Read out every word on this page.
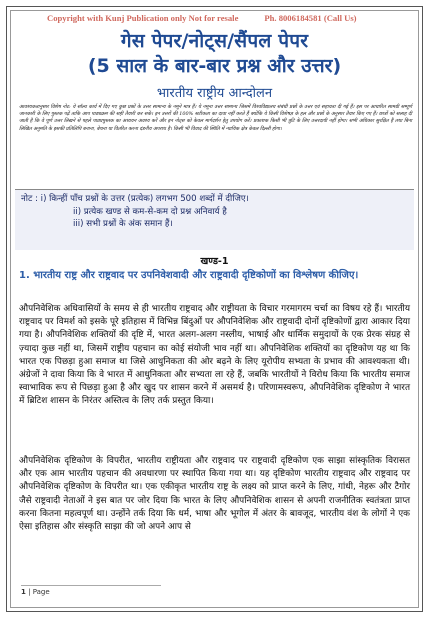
Copyright with Kunj Publication only Not for resale	Ph. 8006184581 (Call Us)
गेस पेपर/नोट्स/सैंपल पेपर
(5 साल के बार-बार प्रश्न और उत्तर)
भारतीय राष्ट्रीय आन्दोलन
आवश्यकतानुसार विशेष नोट: ये सॉल्व कार्य में दिए गए कुछ प्रश्नों के उत्तर सामान्य के नमूने मात्र हैं। ये नमूना उत्तर सामान्य जिसमें विश्वविद्यालय संबंधी प्रश्नों के उत्तर एवं सहायता दी गई हैं। इस पर आधारित सामग्री सम्पूर्ण जानकारी के लिए पुस्तक पढ़ें ताकि आप पाठ्यक्रम की सही तैयारी कर सकें। इन उत्तरों की 100% सटीकता का दावा नहीं करते हैं क्योंकि ये किसी विशेषज्ञ के हल और प्रश्नों के अनुसार तैयार किए गए हैं। छात्रों को सलाह दी जाती है कि वे पूर्ण उत्तर लिखने से पहले पाठ्यपुस्तक का अध्ययन अवश्य करें और इन नोट्स को केवल मार्गदर्शन हेतु उपयोग करें। प्रकाशक किसी भी त्रुटि के लिए उत्तरदायी नहीं होगा। सभी अधिकार सुरक्षित हैं तथा बिना लिखित अनुमति के इसकी प्रतिलिपि बनाना, बेचना या वितरित करना दंडनीय अपराध है। किसी भी विवाद की स्थिति में न्यायिक क्षेत्र केवल दिल्ली होगा।
नोट : i) किन्हीं पाँच प्रश्नों के उत्तर (प्रत्येक) लगभग 500 शब्दों में दीजिए।
ii) प्रत्येक खण्ड से कम-से-कम दो प्रश्न अनिवार्य है
iii) सभी प्रश्नों के अंक समान हैं।
खण्ड-1
1. भारतीय राष्ट्र और राष्ट्रवाद पर उपनिवेशवादी और राष्ट्रवादी दृष्टिकोणों का विश्लेषण कीजिए।
औपनिवेशिक अधिवासियों के समय से ही भारतीय राष्ट्रवाद और राष्ट्रीयता के विचार गरमागरम चर्चा का विषय रहे हैं। भारतीय राष्ट्रवाद पर विमर्श को इसके पूरे इतिहास में विभिन्न बिंदुओं पर औपनिवेशिक और राष्ट्रवादी दोनों दृष्टिकोणों द्वारा आकार दिया गया है। औपनिवेशिक शक्तियों की दृष्टि में, भारत अलग-अलग नस्लीय, भाषाई और धार्मिक समुदायों के एक प्रेरक संग्रह से ज़्यादा कुछ नहीं था, जिसमें राष्ट्रीय पहचान का कोई संयोजी भाव नहीं था। औपनिवेशिक शक्तियों का दृष्टिकोण यह था कि भारत एक पिछड़ा हुआ समाज था जिसे आधुनिकता की ओर बढ़ने के लिए यूरोपीय सभ्यता के प्रभाव की आवश्यकता थी। अंग्रेजों ने दावा किया कि वे भारत में आधुनिकता और सभ्यता ला रहे हैं, जबकि भारतीयों ने विरोध किया कि भारतीय समाज स्वाभाविक रूप से पिछड़ा हुआ है और खुद पर शासन करने में असमर्थ है। परिणामस्वरूप, औपनिवेशिक दृष्टिकोण ने भारत में ब्रिटिश शासन के निरंतर अस्तित्व के लिए तर्क प्रस्तुत किया।
औपनिवेशिक दृष्टिकोण के विपरीत, भारतीय राष्ट्रीयता और राष्ट्रवाद पर राष्ट्रवादी दृष्टिकोण एक साझा सांस्कृतिक विरासत और एक आम भारतीय पहचान की अवधारणा पर स्थापित किया गया था। यह दृष्टिकोण भारतीय राष्ट्रवाद और राष्ट्रवाद पर औपनिवेशिक दृष्टिकोण के विपरीत था। एक एकीकृत भारतीय राष्ट्र के लक्ष्य को प्राप्त करने के लिए, गांधी, नेहरू और टैगोर जैसे राष्ट्रवादी नेताओं ने इस बात पर जोर दिया कि भारत के लिए औपनिवेशिक शासन से अपनी राजनीतिक स्वतंत्रता प्राप्त करना कितना महत्वपूर्ण था। उन्होंने तर्क दिया कि धर्म, भाषा और भूगोल में अंतर के बावजूद, भारतीय वंश के लोगों ने एक ऐसा इतिहास और संस्कृति साझा की जो अपने आप से
1 | Page
